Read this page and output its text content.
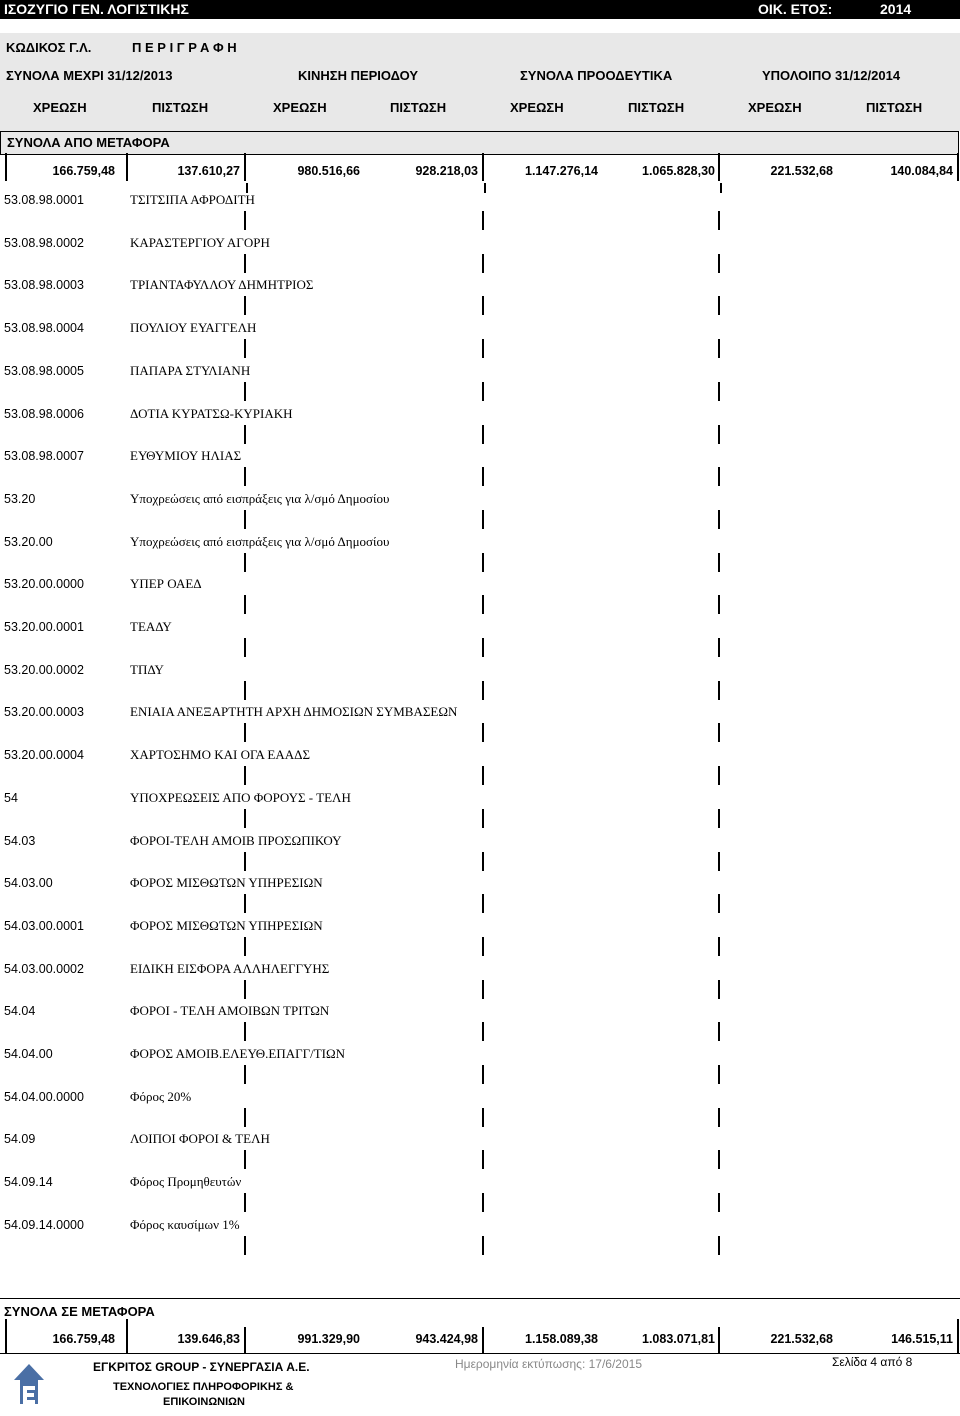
ΙΣΟΖΥΓΙΟ ΓΕΝ. ΛΟΓΙΣΤΙΚΗΣ	ΟΙΚ. ΕΤΟΣ:	2014
ΚΩΔΙΚΟΣ Γ.Λ.	Π Ε Ρ Ι Γ Ρ Α Φ Η
ΣΥΝΟΛΑ ΜΕΧΡΙ 31/12/2013	ΚΙΝΗΣΗ ΠΕΡΙΟΔΟΥ	ΣΥΝΟΛΑ ΠΡΟΟΔΕΥΤΙΚΑ	ΥΠΟΛΟΙΠΟ 31/12/2014
ΧΡΕΩΣΗ	ΠΙΣΤΩΣΗ	ΧΡΕΩΣΗ	ΠΙΣΤΩΣΗ	ΧΡΕΩΣΗ	ΠΙΣΤΩΣΗ	ΧΡΕΩΣΗ	ΠΙΣΤΩΣΗ
ΣΥΝΟΛΑ ΑΠΟ ΜΕΤΑΦΟΡΑ
166.759,48	137.610,27	980.516,66	928.218,03	1.147.276,14	1.065.828,30	221.532,68	140.084,84
53.08.98.0001	ΤΣΙΤΣΙΠΑ ΑΦΡΟΔΙΤΗ
53.08.98.0002	ΚΑΡΑΣΤΕΡΓΙΟΥ ΑΓΟΡΗ
53.08.98.0003	ΤΡΙΑΝΤΑΦΥΛΛΟΥ ΔΗΜΗΤΡΙΟΣ
53.08.98.0004	ΠΟΥΛΙΟΥ ΕΥΑΓΓΕΛΗ
53.08.98.0005	ΠΑΠΑΡΑ ΣΤΥΛΙΑΝΗ
53.08.98.0006	ΔΟΤΙΑ ΚΥΡΑΤΣΩ-ΚΥΡΙΑΚΗ
53.08.98.0007	ΕΥΘΥΜΙΟΥ ΗΛΙΑΣ
53.20	Υποχρεώσεις από εισπράξεις για λ/σμό Δημοσίου
53.20.00	Υποχρεώσεις από εισπράξεις για λ/σμό Δημοσίου
53.20.00.0000	ΥΠΕΡ ΟΑΕΔ
53.20.00.0001	ΤΕΑΔΥ
53.20.00.0002	ΤΠΔΥ
53.20.00.0003	ΕΝΙΑΙΑ ΑΝΕΞΑΡΤΗΤΗ ΑΡΧΗ ΔΗΜΟΣΙΩΝ ΣΥΜΒΑΣΕΩΝ
53.20.00.0004	ΧΑΡΤΟΣΗΜΟ ΚΑΙ ΟΓΑ ΕΑΑΔΣ
54	ΥΠΟΧΡΕΩΣΕΙΣ ΑΠΟ ΦΟΡΟΥΣ - ΤΕΛΗ
54.03	ΦΟΡΟΙ-ΤΕΛΗ ΑΜΟΙΒ ΠΡΟΣΩΠΙΚΟΥ
54.03.00	ΦΟΡΟΣ ΜΙΣΘΩΤΩΝ ΥΠΗΡΕΣΙΩΝ
54.03.00.0001	ΦΟΡΟΣ ΜΙΣΘΩΤΩΝ ΥΠΗΡΕΣΙΩΝ
54.03.00.0002	ΕΙΔΙΚΗ ΕΙΣΦΟΡΑ ΑΛΛΗΛΕΓΓΥΗΣ
54.04	ΦΟΡΟΙ - ΤΕΛΗ ΑΜΟΙΒΩΝ ΤΡΙΤΩΝ
54.04.00	ΦΟΡΟΣ ΑΜΟΙΒ.ΕΛΕΥΘ.ΕΠΑΓΓ/ΤΙΩΝ
54.04.00.0000	Φόρος 20%
54.09	ΛΟΙΠΟΙ ΦΟΡΟΙ & ΤΕΛΗ
54.09.14	Φόρος Προμηθευτών
54.09.14.0000	Φόρος καυσίμων 1%
ΣΥΝΟΛΑ ΣΕ ΜΕΤΑΦΟΡΑ
166.759,48	139.646,83	991.329,90	943.424,98	1.158.089,38	1.083.071,81	221.532,68	146.515,11
ΕΓΚΡΙΤΟΣ GROUP - ΣΥΝΕΡΓΑΣΙΑ Α.Ε.
ΤΕΧΝΟΛΟΓΙΕΣ ΠΛΗΡΟΦΟΡΙΚΗΣ &
ΕΠΙΚΟΙΝΩΝΙΩΝ
Ημερομηνία εκτύπωσης: 17/6/2015	Σελίδα 4 από 8
